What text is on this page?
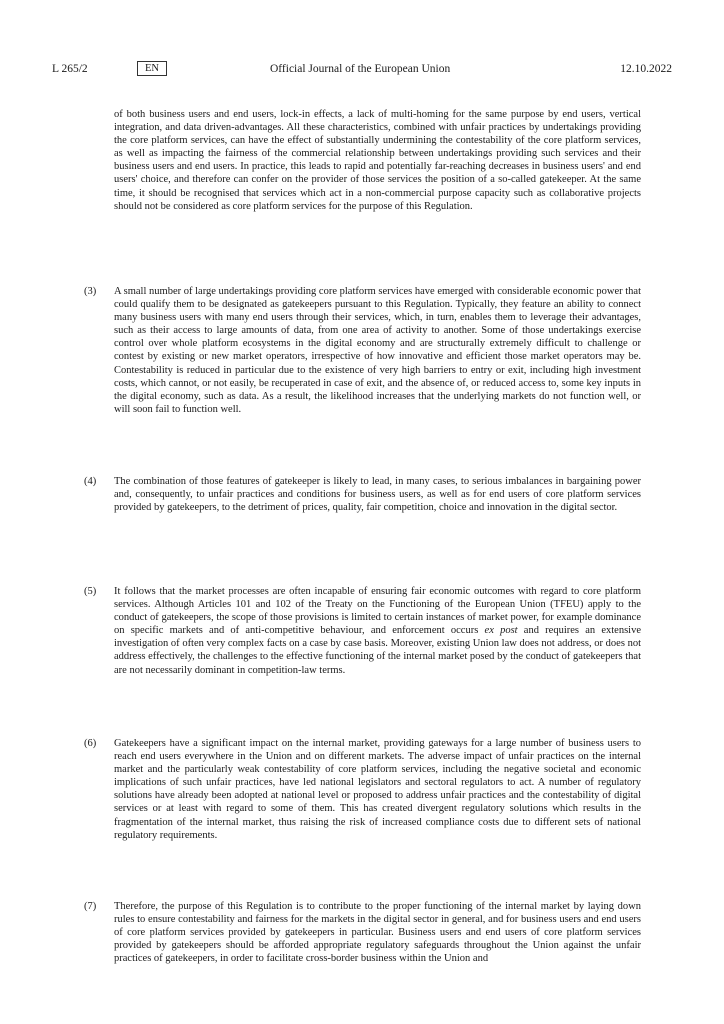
L 265/2	EN	Official Journal of the European Union	12.10.2022
of both business users and end users, lock-in effects, a lack of multi-homing for the same purpose by end users, vertical integration, and data driven-advantages. All these characteristics, combined with unfair practices by undertakings providing the core platform services, can have the effect of substantially undermining the contestability of the core platform services, as well as impacting the fairness of the commercial relationship between undertakings providing such services and their business users and end users. In practice, this leads to rapid and potentially far-reaching decreases in business users' and end users' choice, and therefore can confer on the provider of those services the position of a so-called gatekeeper. At the same time, it should be recognised that services which act in a non-commercial purpose capacity such as collaborative projects should not be considered as core platform services for the purpose of this Regulation.
(3) A small number of large undertakings providing core platform services have emerged with considerable economic power that could qualify them to be designated as gatekeepers pursuant to this Regulation. Typically, they feature an ability to connect many business users with many end users through their services, which, in turn, enables them to leverage their advantages, such as their access to large amounts of data, from one area of activity to another. Some of those undertakings exercise control over whole platform ecosystems in the digital economy and are structurally extremely difficult to challenge or contest by existing or new market operators, irrespective of how innovative and efficient those market operators may be. Contestability is reduced in particular due to the existence of very high barriers to entry or exit, including high investment costs, which cannot, or not easily, be recuperated in case of exit, and the absence of, or reduced access to, some key inputs in the digital economy, such as data. As a result, the likelihood increases that the underlying markets do not function well, or will soon fail to function well.
(4) The combination of those features of gatekeeper is likely to lead, in many cases, to serious imbalances in bargaining power and, consequently, to unfair practices and conditions for business users, as well as for end users of core platform services provided by gatekeepers, to the detriment of prices, quality, fair competition, choice and innovation in the digital sector.
(5) It follows that the market processes are often incapable of ensuring fair economic outcomes with regard to core platform services. Although Articles 101 and 102 of the Treaty on the Functioning of the European Union (TFEU) apply to the conduct of gatekeepers, the scope of those provisions is limited to certain instances of market power, for example dominance on specific markets and of anti-competitive behaviour, and enforcement occurs ex post and requires an extensive investigation of often very complex facts on a case by case basis. Moreover, existing Union law does not address, or does not address effectively, the challenges to the effective functioning of the internal market posed by the conduct of gatekeepers that are not necessarily dominant in competition-law terms.
(6) Gatekeepers have a significant impact on the internal market, providing gateways for a large number of business users to reach end users everywhere in the Union and on different markets. The adverse impact of unfair practices on the internal market and the particularly weak contestability of core platform services, including the negative societal and economic implications of such unfair practices, have led national legislators and sectoral regulators to act. A number of regulatory solutions have already been adopted at national level or proposed to address unfair practices and the contestability of digital services or at least with regard to some of them. This has created divergent regulatory solutions which results in the fragmentation of the internal market, thus raising the risk of increased compliance costs due to different sets of national regulatory requirements.
(7) Therefore, the purpose of this Regulation is to contribute to the proper functioning of the internal market by laying down rules to ensure contestability and fairness for the markets in the digital sector in general, and for business users and end users of core platform services provided by gatekeepers in particular. Business users and end users of core platform services provided by gatekeepers should be afforded appropriate regulatory safeguards throughout the Union against the unfair practices of gatekeepers, in order to facilitate cross-border business within the Union and
